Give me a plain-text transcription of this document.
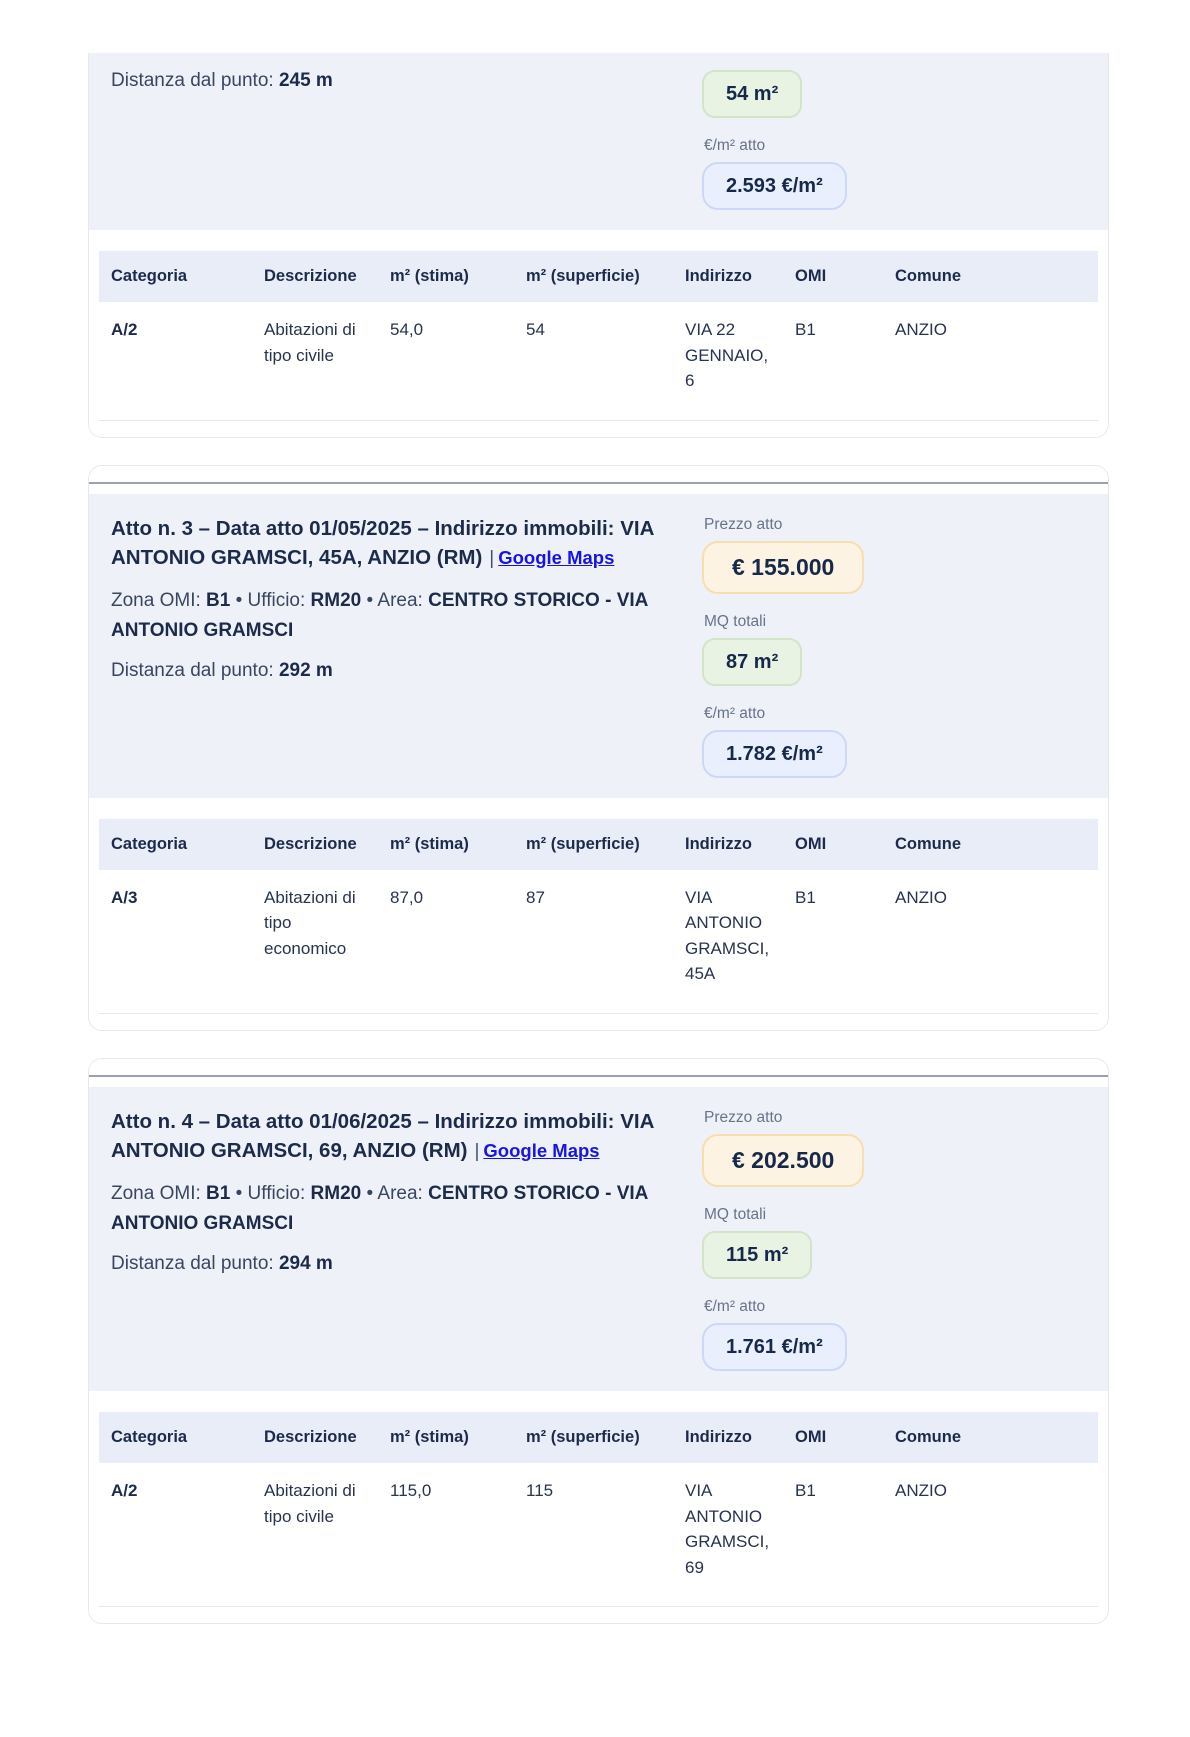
Distanza dal punto: 245 m
54 m²
€/m² atto
2.593 €/m²
Categoria	Descrizione	m² (stima)	m² (superficie)	Indirizzo	OMI	Comune
A/2	Abitazioni di tipo civile	54,0	54	VIA 22 GENNAIO, 6	B1	ANZIO
Atto n. 3 – Data atto 01/05/2025 – Indirizzo immobili: VIA ANTONIO GRAMSCI, 45A, ANZIO (RM) | Google Maps
Zona OMI: B1 • Ufficio: RM20 • Area: CENTRO STORICO - VIA ANTONIO GRAMSCI
Distanza dal punto: 292 m
Prezzo atto
€ 155.000
MQ totali
87 m²
€/m² atto
1.782 €/m²
Categoria	Descrizione	m² (stima)	m² (superficie)	Indirizzo	OMI	Comune
A/3	Abitazioni di tipo economico	87,0	87	VIA ANTONIO GRAMSCI, 45A	B1	ANZIO
Atto n. 4 – Data atto 01/06/2025 – Indirizzo immobili: VIA ANTONIO GRAMSCI, 69, ANZIO (RM) | Google Maps
Zona OMI: B1 • Ufficio: RM20 • Area: CENTRO STORICO - VIA ANTONIO GRAMSCI
Distanza dal punto: 294 m
Prezzo atto
€ 202.500
MQ totali
115 m²
€/m² atto
1.761 €/m²
Categoria	Descrizione	m² (stima)	m² (superficie)	Indirizzo	OMI	Comune
A/2	Abitazioni di tipo civile	115,0	115	VIA ANTONIO GRAMSCI, 69	B1	ANZIO
